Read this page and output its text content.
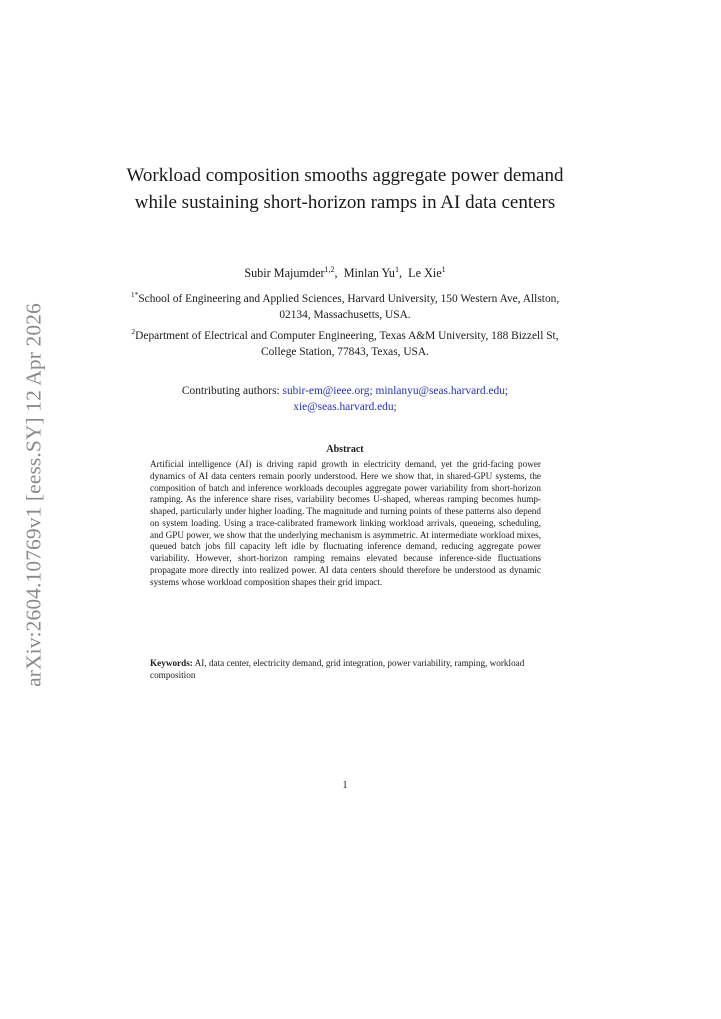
arXiv:2604.10769v1 [eess.SY] 12 Apr 2026
Workload composition smooths aggregate power demand while sustaining short-horizon ramps in AI data centers
Subir Majumder$^{1,2}$,  Minlan Yu$^1$,  Le Xie$^1$
$^{1*}$School of Engineering and Applied Sciences, Harvard University, 150 Western Ave, Allston, 02134, Massachusetts, USA.
$^2$Department of Electrical and Computer Engineering, Texas A&M University, 188 Bizzell St, College Station, 77843, Texas, USA.
Contributing authors: subir-em@ieee.org; minlanyu@seas.harvard.edu;
xie@seas.harvard.edu;
Abstract
Artificial intelligence (AI) is driving rapid growth in electricity demand, yet the grid-facing power dynamics of AI data centers remain poorly understood. Here we show that, in shared-GPU systems, the composition of batch and inference workloads decouples aggregate power variability from short-horizon ramping. As the inference share rises, variability becomes U-shaped, whereas ramping becomes hump-shaped, particularly under higher loading. The magnitude and turning points of these patterns also depend on system loading. Using a trace-calibrated framework linking workload arrivals, queueing, scheduling, and GPU power, we show that the underlying mechanism is asymmetric. At intermediate workload mixes, queued batch jobs fill capacity left idle by fluctuating inference demand, reducing aggregate power variability. However, short-horizon ramping remains elevated because inference-side fluctuations propagate more directly into realized power. AI data centers should therefore be understood as dynamic systems whose workload composition shapes their grid impact.
Keywords: AI, data center, electricity demand, grid integration, power variability, ramping, workload composition
1
